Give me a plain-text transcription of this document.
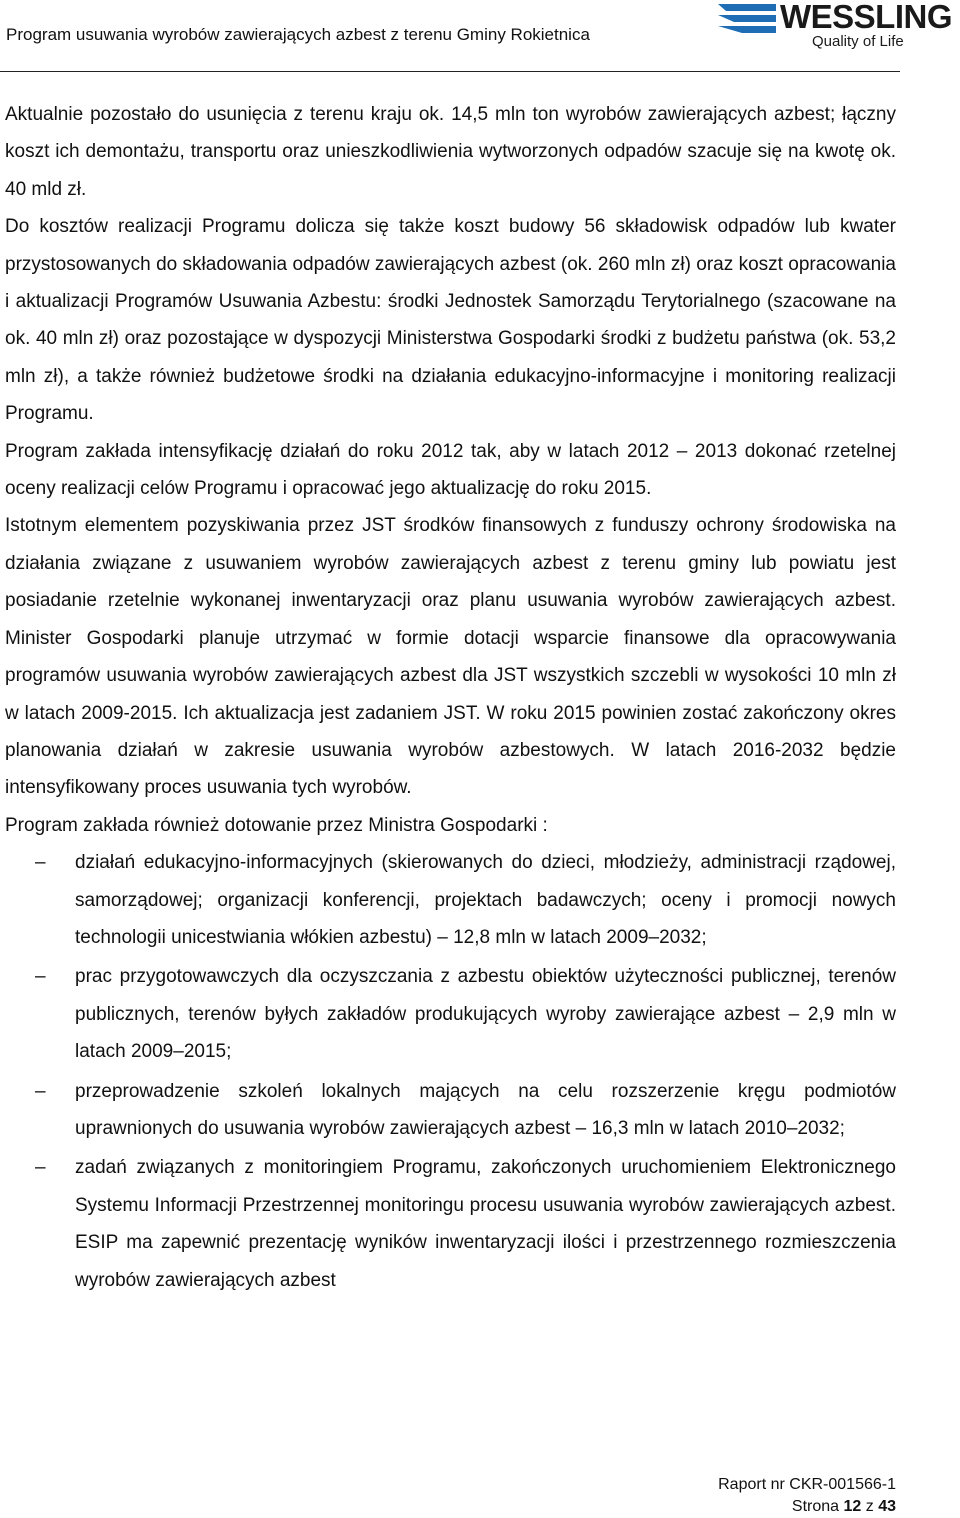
Program usuwania wyrobów zawierających azbest z terenu Gminy Rokietnica	WESSLING
Quality of Life

Aktualnie pozostało do usunięcia z terenu kraju ok. 14,5 mln ton wyrobów zawierających azbest; łączny koszt ich demontażu, transportu oraz unieszkodliwienia wytworzonych odpadów szacuje się na kwotę ok. 40 mld zł.

Do kosztów realizacji Programu dolicza się także koszt budowy 56 składowisk odpadów lub kwater przystosowanych do składowania odpadów zawierających azbest (ok. 260 mln zł) oraz koszt opracowania i aktualizacji Programów Usuwania Azbestu: środki Jednostek Samorządu Terytorialnego (szacowane na ok. 40 mln zł) oraz pozostające w dyspozycji Ministerstwa Gospodarki środki z budżetu państwa (ok. 53,2 mln zł), a także również budżetowe środki na działania edukacyjno-informacyjne i monitoring realizacji Programu.

Program zakłada intensyfikację działań do roku 2012 tak, aby w latach 2012 – 2013 dokonać rzetelnej oceny realizacji celów Programu i opracować jego aktualizację do roku 2015.

Istotnym elementem pozyskiwania przez JST środków finansowych z funduszy ochrony środowiska na działania związane z usuwaniem wyrobów zawierających azbest z terenu gminy lub powiatu jest posiadanie rzetelnie wykonanej inwentaryzacji oraz planu usuwania wyrobów zawierających azbest. Minister Gospodarki planuje utrzymać w formie dotacji wsparcie finansowe dla opracowywania programów usuwania wyrobów zawierających azbest dla JST wszystkich szczebli w wysokości 10 mln zł w latach 2009-2015. Ich aktualizacja jest zadaniem JST. W roku 2015 powinien zostać zakończony okres planowania działań w zakresie usuwania wyrobów azbestowych. W latach 2016-2032 będzie intensyfikowany proces usuwania tych wyrobów.

Program zakłada również dotowanie przez Ministra Gospodarki :

– działań edukacyjno-informacyjnych (skierowanych do dzieci, młodzieży, administracji rządowej, samorządowej; organizacji konferencji, projektach badawczych; oceny i promocji nowych technologii unicestwiania włókien azbestu) – 12,8 mln w latach 2009–2032;
– prac przygotowawczych dla oczyszczania z azbestu obiektów użyteczności publicznej, terenów publicznych, terenów byłych zakładów produkujących wyroby zawierające azbest – 2,9 mln w latach 2009–2015;
– przeprowadzenie szkoleń lokalnych mających na celu rozszerzenie kręgu podmiotów uprawnionych do usuwania wyrobów zawierających azbest – 16,3 mln w latach 2010–2032;
– zadań związanych z monitoringiem Programu, zakończonych uruchomieniem Elektronicznego Systemu Informacji Przestrzennej monitoringu procesu usuwania wyrobów zawierających azbest. ESIP ma zapewnić prezentację wyników inwentaryzacji ilości i przestrzennego rozmieszczenia wyrobów zawierających azbest
Raport nr CKR-001566-1
Strona 12 z 43
